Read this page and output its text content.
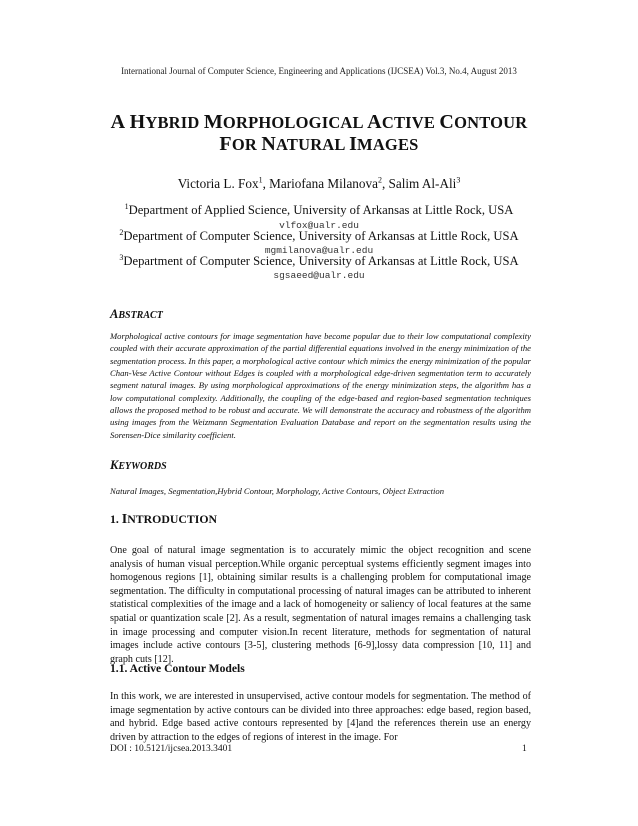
International Journal of Computer Science, Engineering and Applications (IJCSEA) Vol.3, No.4, August 2013
A HYBRID MORPHOLOGICAL ACTIVE CONTOUR
FOR NATURAL IMAGES
Victoria L. Fox$^1$, Mariofana Milanova$^2$, Salim Al-Ali$^3$
$^1$Department of Applied Science, University of Arkansas at Little Rock, USA
vlfox@ualr.edu
$^2$Department of Computer Science, University of Arkansas at Little Rock, USA
mgmilanova@ualr.edu
$^3$Department of Computer Science, University of Arkansas at Little Rock, USA
sgsaeed@ualr.edu
ABSTRACT
Morphological active contours for image segmentation have become popular due to their low computational complexity coupled with their accurate approximation of the partial differential equations involved in the energy minimization of the segmentation process. In this paper, a morphological active contour which mimics the energy minimization of the popular Chan-Vese Active Contour without Edges is coupled with a morphological edge-driven segmentation term to accurately segment natural images. By using morphological approximations of the energy minimization steps, the algorithm has a low computational complexity. Additionally, the coupling of the edge-based and region-based segmentation techniques allows the proposed method to be robust and accurate. We will demonstrate the accuracy and robustness of the algorithm using images from the Weizmann Segmentation Evaluation Database and report on the segmentation results using the Sorensen-Dice similarity coefficient.
KEYWORDS
Natural Images, Segmentation,Hybrid Contour, Morphology, Active Contours, Object Extraction
1. INTRODUCTION
One goal of natural image segmentation is to accurately mimic the object recognition and scene analysis of human visual perception.While organic perceptual systems efficiently segment images into homogenous regions [1], obtaining similar results is a challenging problem for computational image segmentation. The difficulty in computational processing of natural images can be attributed to inherent statistical complexities of the image and a lack of homogeneity or saliency of local features at the same spatial or quantization scale [2]. As a result, segmentation of natural images remains a challenging task in image processing and computer vision.In recent literature, methods for segmentation of natural images include active contours [3-5], clustering methods [6-9],lossy data compression [10, 11] and graph cuts [12].
1.1. Active Contour Models
In this work, we are interested in unsupervised, active contour models for segmentation. The method of image segmentation by active contours can be divided into three approaches: edge based, region based, and hybrid. Edge based active contours represented by [4]and the references therein use an energy driven by attraction to the edges of regions of interest in the image. For
DOI : 10.5121/ijcsea.2013.3401	1
